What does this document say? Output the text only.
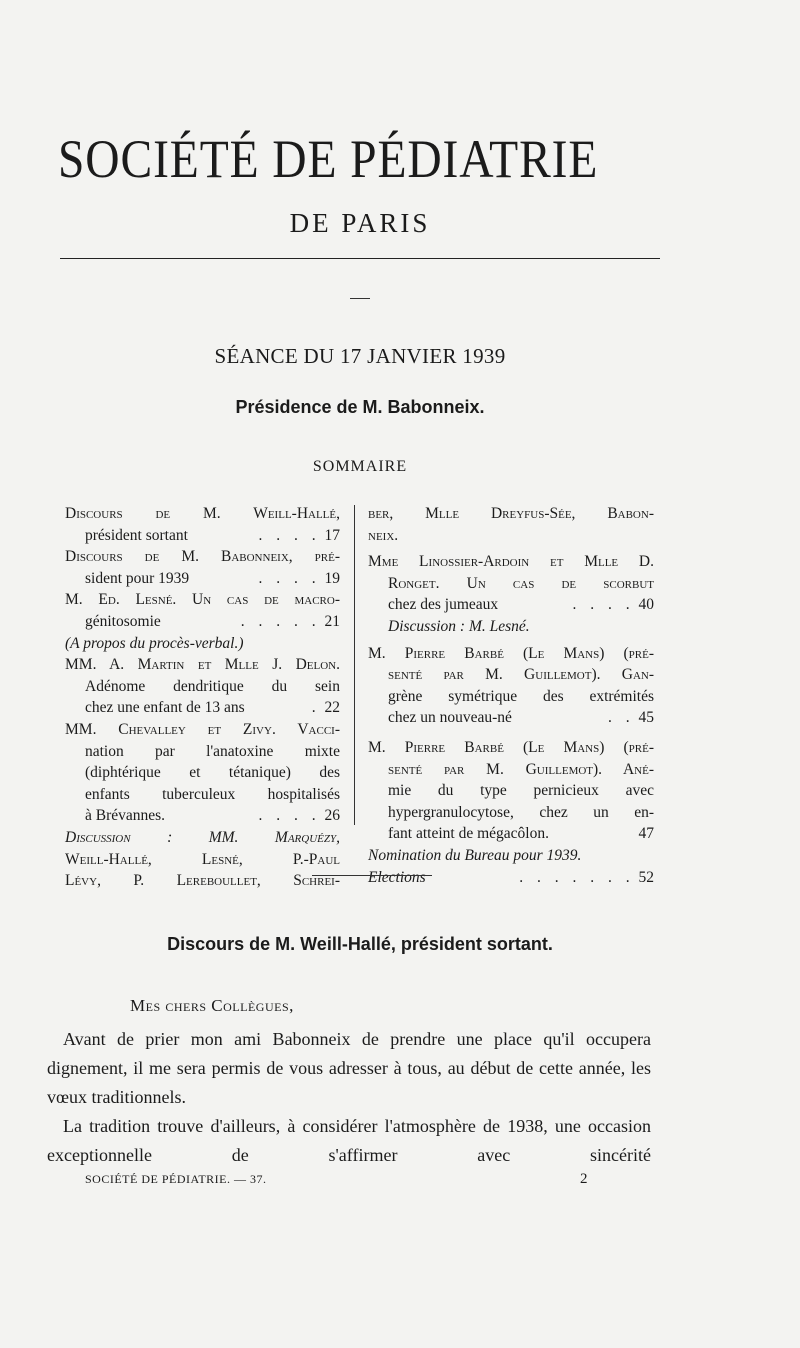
SOCIÉTÉ DE PÉDIATRIE
DE PARIS
SÉANCE DU 17 JANVIER 1939
Présidence de M. Babonneix.
SOMMAIRE
Discours de M. Weill-Hallé,
président sortant	. . . . 17
Discours de M. Babonneix, pré-
sident pour 1939	. . . . 19
M. Ed. Lesné. Un cas de macro-
génitosomie	. . . . . 21
(A propos du procès-verbal.)
MM. A. Martin et Mlle J. Delon.
Adénome dendritique du sein
chez une enfant de 13 ans	. 22
MM. Chevalley et Zivy. Vacci-
nation par l'anatoxine mixte
(diphtérique et tétanique) des
enfants tuberculeux hospitalisés
à Brévannes.	. . . . 26
Discussion : MM. Marquézy,
Weill-Hallé, Lesné, P.-Paul
Lévy, P. Lereboullet, Schrei-
ber, Mlle Dreyfus-Sée, Babon-
neix.
Mme Linossier-Ardoin et Mlle D.
Ronget. Un cas de scorbut
chez des jumeaux	. . . . 40
Discussion : M. Lesné.
M. Pierre Barbé (Le Mans) (pré-
senté par M. Guillemot). Gan-
grène symétrique des extrémités
chez un nouveau-né	. . 45
M. Pierre Barbé (Le Mans) (pré-
senté par M. Guillemot). Ané-
mie du type pernicieux avec
hypergranulocytose, chez un en-
fant atteint de mégacôlon.	47
Nomination du Bureau pour 1939.
Elections	. . . . . . . 52
Discours de M. Weill-Hallé, président sortant.
Mes chers Collègues,

Avant de prier mon ami Babonneix de prendre une place qu'il occupera dignement, il me sera permis de vous adresser à tous, au début de cette année, les vœux traditionnels.

La tradition trouve d'ailleurs, à considérer l'atmosphère de 1938, une occasion exceptionnelle de s'affirmer avec sincérité

SOCIÉTÉ DE PÉDIATRIE. — 37.	2
